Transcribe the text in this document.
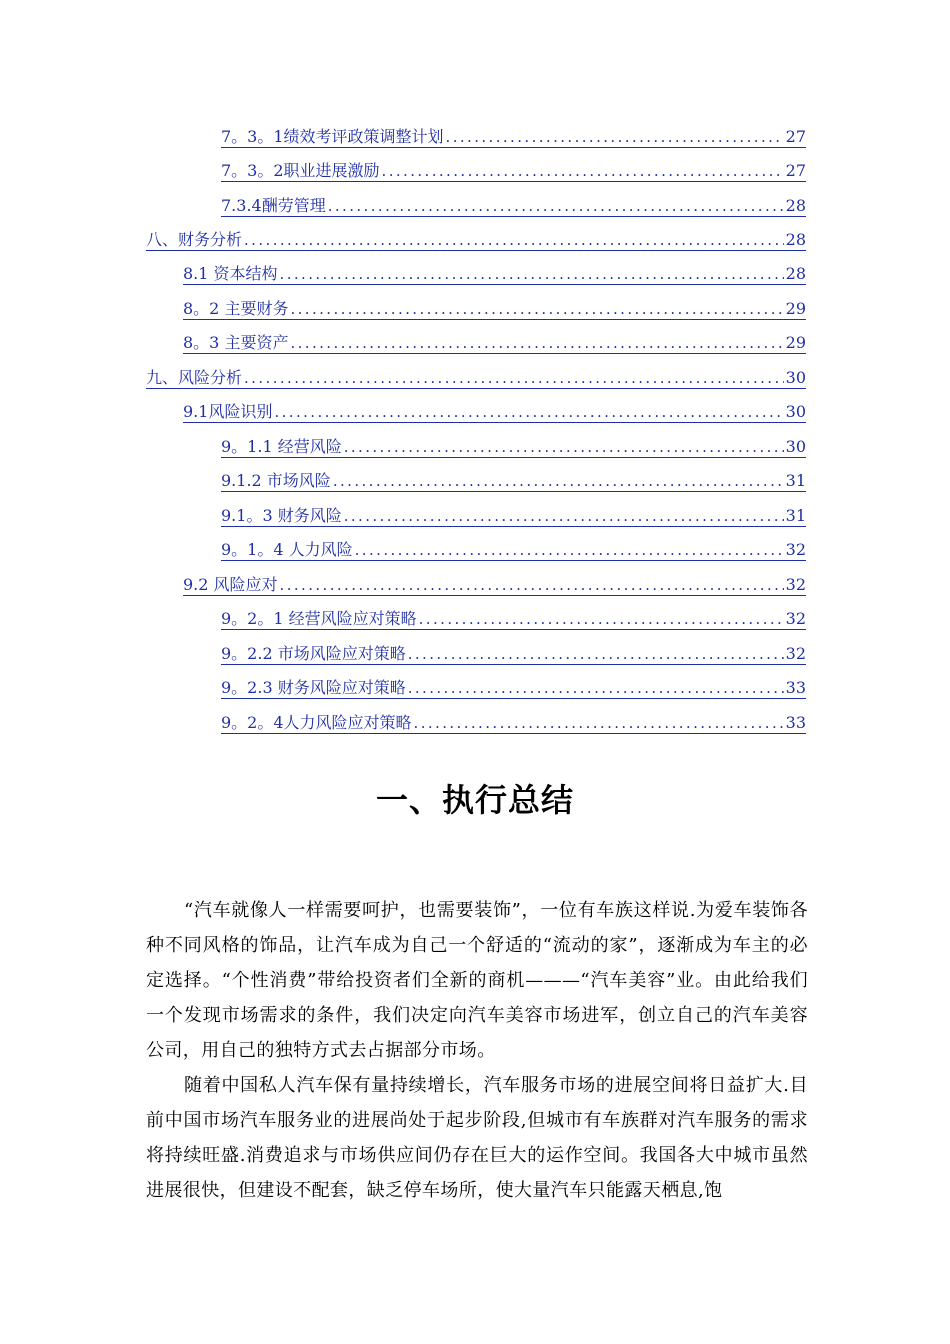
7。3。1绩效考评政策调整计划 .....	27
7。3。2职业进展激励 .....	27
7.3.4酬劳管理 .....	28
八、财务分析 .....	28
8.1 资本结构 .....	28
8。2 主要财务 .....	29
8。3 主要资产 .....	29
九、风险分析 .....	30
9.1风险识别 .....	30
9。1.1 经营风险 .....	30
9.1.2 市场风险 .....	31
9.1。3 财务风险 .....	31
9。1。4 人力风险 .....	32
9.2 风险应对 .....	32
9。2。1 经营风险应对策略 .....	32
9。2.2 市场风险应对策略 .....	32
9。2.3 财务风险应对策略 .....	33
9。2。4人力风险应对策略 .....	33
一、执行总结

“汽车就像人一样需要呵护，也需要装饰”，一位有车族这样说.为爱车装饰各种不同风格的饰品，让汽车成为自己一个舒适的“流动的家”，逐渐成为车主的必定选择。“个性消费”带给投资者们全新的商机———“汽车美容”业。由此给我们一个发现市场需求的条件，我们决定向汽车美容市场进军，创立自己的汽车美容公司，用自己的独特方式去占据部分市场。

随着中国私人汽车保有量持续增长，汽车服务市场的进展空间将日益扩大.目前中国市场汽车服务业的进展尚处于起步阶段,但城市有车族群对汽车服务的需求将持续旺盛.消费追求与市场供应间仍存在巨大的运作空间。我国各大中城市虽然进展很快，但建设不配套，缺乏停车场所，使大量汽车只能露天栖息,饱
